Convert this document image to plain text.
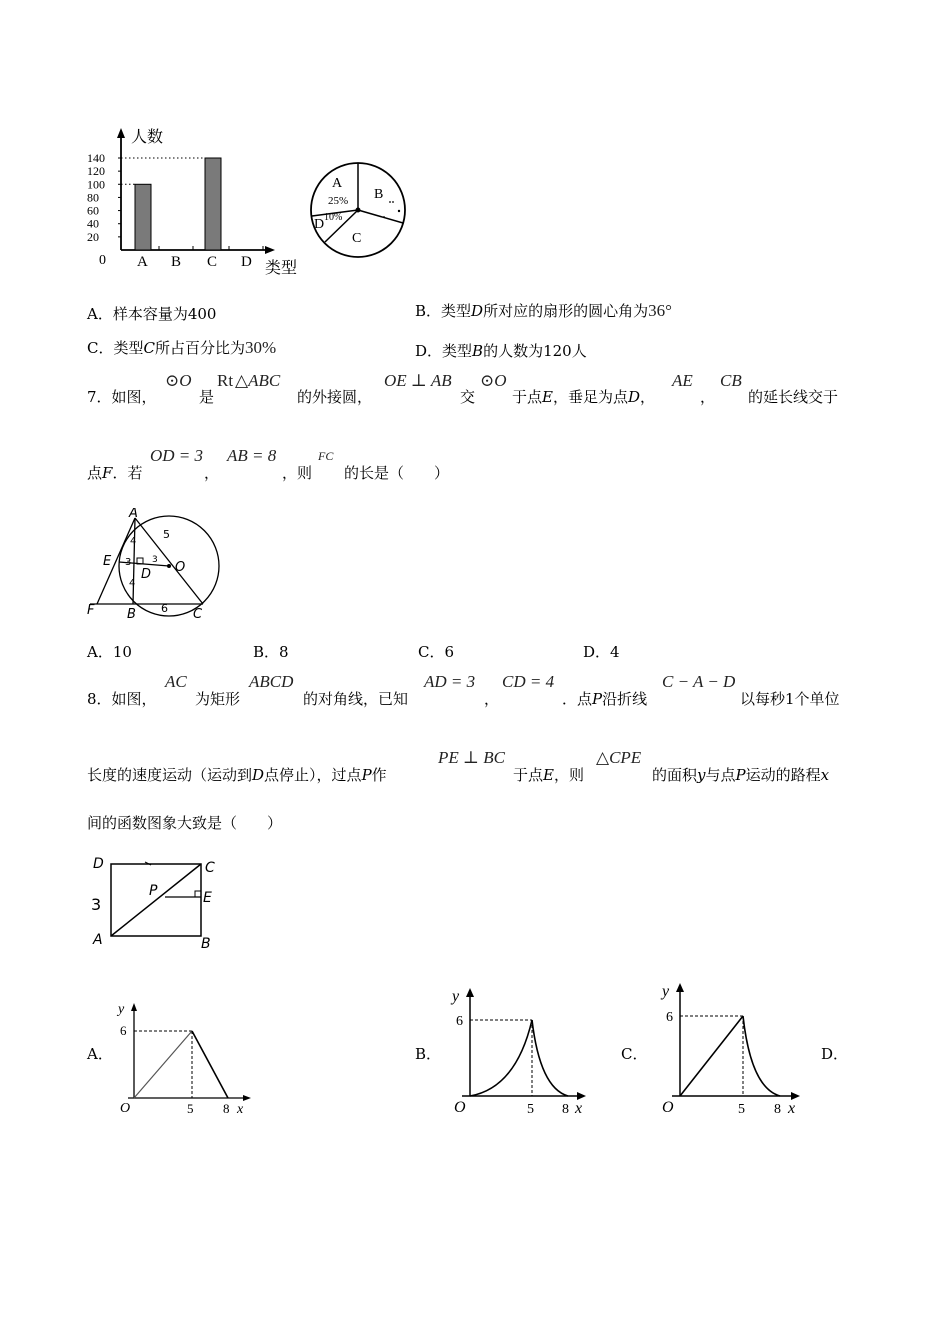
人数
类型
0
20
40
60
80
100
120
140
A B C D
A
25% B
C
D 10%
A．样本容量为400	B．类型D所对应的扇形的圆心角为36°
C．类型C所占百分比为30%	D．类型B的人数为120人
7．如图，
⊙O
是
Rt △ABC
的外接圆，
OE ⊥ AB
交
⊙O
于点E，垂足为点D，
AE
，
CB
的延长线交于
点F．若
OD = 3
，
AB = 8
，则
FC
的长是（　　）
A
E
D O
F	B	C
5
4
3 3
4
6
A．10	B．8	C．6	D．4
8．如图，
AC
为矩形
ABCD
的对角线，已知
AD = 3
，
CD = 4
．点P沿折线
C − A − D
以每秒1个单位
长度的速度运动（运动到D点停止），过点P作
PE ⊥ BC
于点E，则
△CPE
的面积y与点P运动的路程x
间的函数图象大致是（　　）
D	C
P	E
A	B
3
A．	B．	C．	D．
y
6
O	5 8 x
y
6
O	5 8 x
y
6
O	5 8 x
